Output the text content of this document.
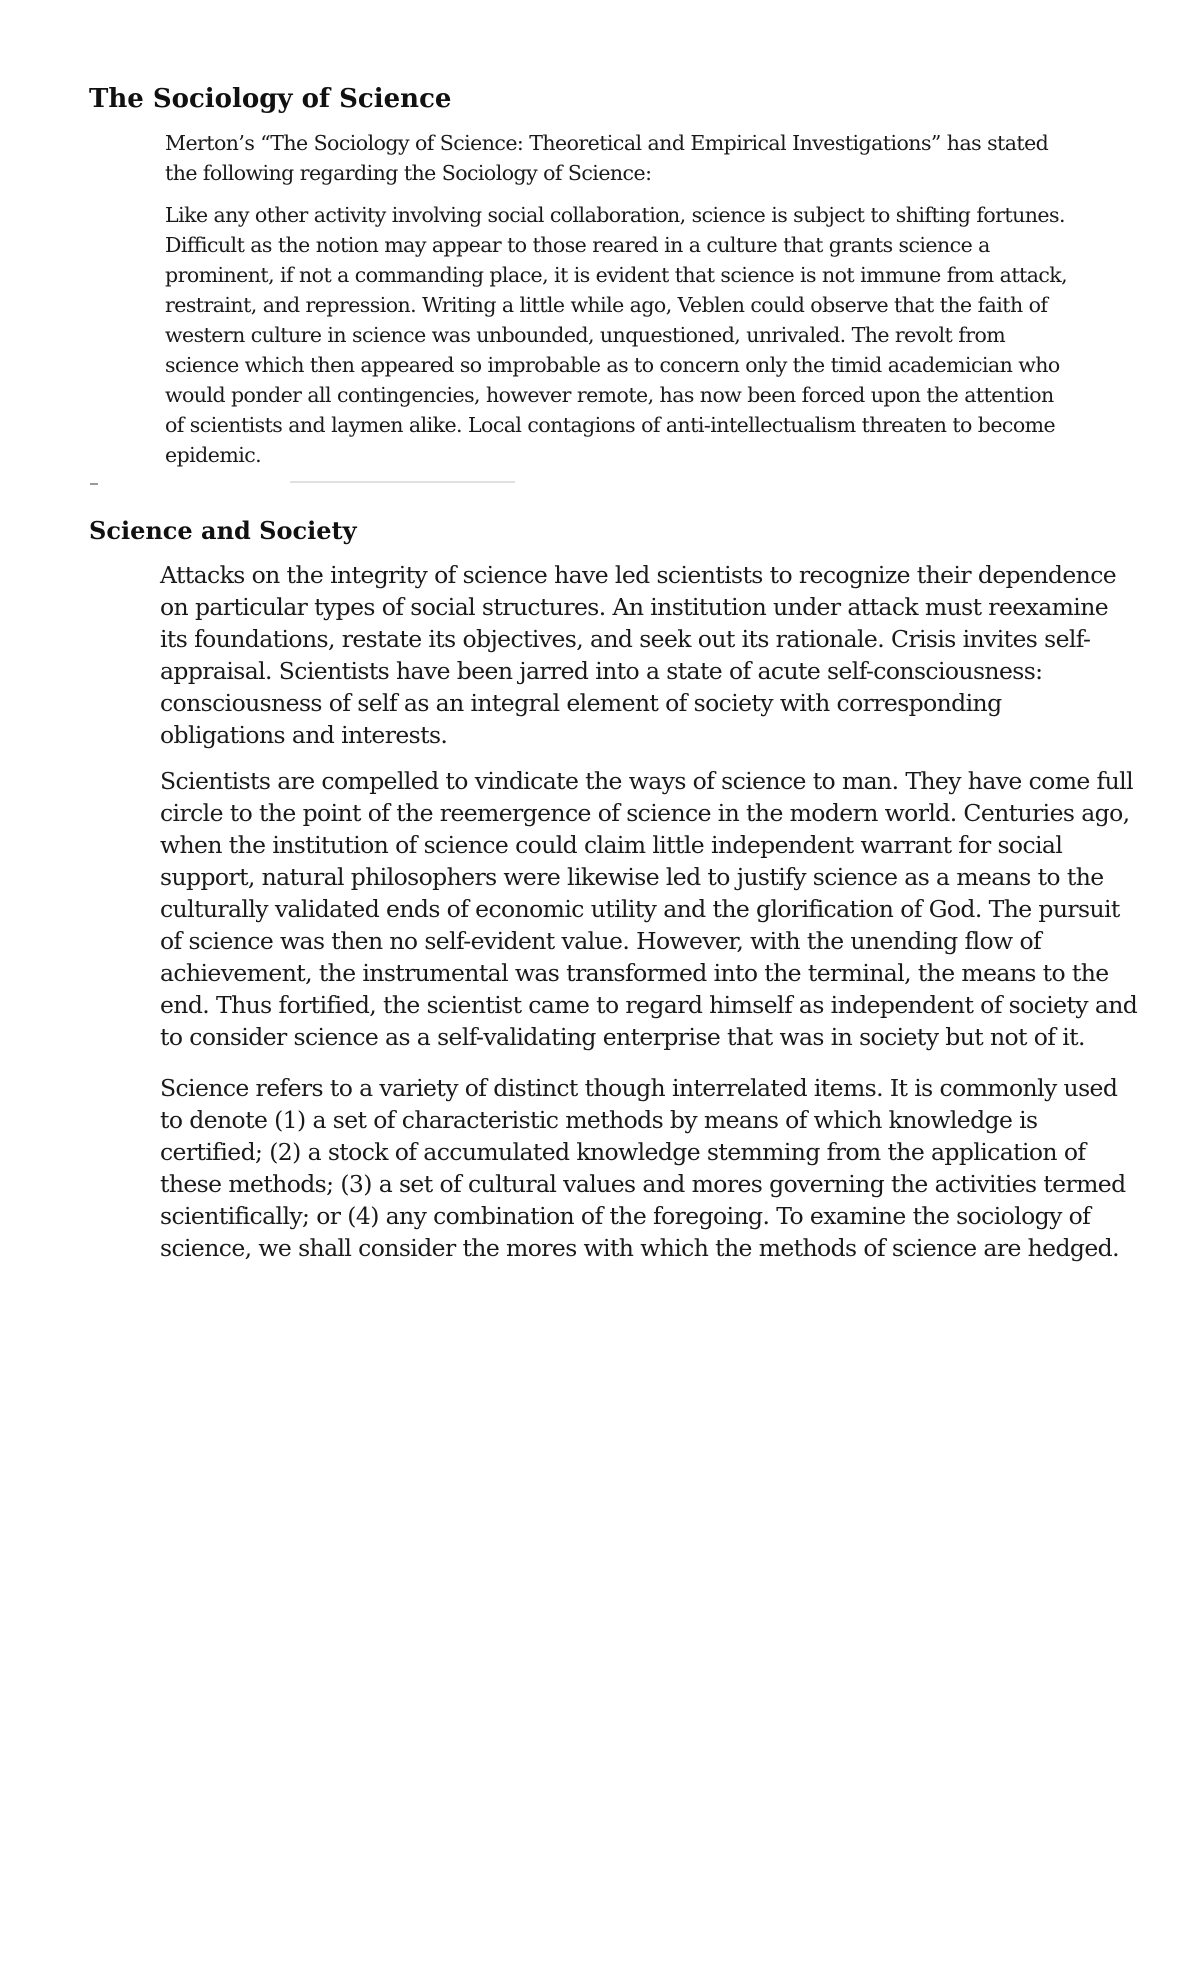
The Sociology of Science

Merton’s “The Sociology of Science: Theoretical and Empirical Investigations” has stated
the following regarding the Sociology of Science:

Like any other activity involving social collaboration, science is subject to shifting fortunes.
Difficult as the notion may appear to those reared in a culture that grants science a
prominent, if not a commanding place, it is evident that science is not immune from attack,
restraint, and repression. Writing a little while ago, Veblen could observe that the faith of
western culture in science was unbounded, unquestioned, unrivaled. The revolt from
science which then appeared so improbable as to concern only the timid academician who
would ponder all contingencies, however remote, has now been forced upon the attention
of scientists and laymen alike. Local contagions of anti-intellectualism threaten to become
epidemic.

Science and Society

Attacks on the integrity of science have led scientists to recognize their dependence
on particular types of social structures. An institution under attack must reexamine
its foundations, restate its objectives, and seek out its rationale. Crisis invites self-
appraisal. Scientists have been jarred into a state of acute self-consciousness:
consciousness of self as an integral element of society with corresponding
obligations and interests.

Scientists are compelled to vindicate the ways of science to man. They have come full
circle to the point of the reemergence of science in the modern world. Centuries ago,
when the institution of science could claim little independent warrant for social
support, natural philosophers were likewise led to justify science as a means to the
culturally validated ends of economic utility and the glorification of God. The pursuit
of science was then no self-evident value. However, with the unending flow of
achievement, the instrumental was transformed into the terminal, the means to the
end. Thus fortified, the scientist came to regard himself as independent of society and
to consider science as a self-validating enterprise that was in society but not of it.

Science refers to a variety of distinct though interrelated items. It is commonly used
to denote (1) a set of characteristic methods by means of which knowledge is
certified; (2) a stock of accumulated knowledge stemming from the application of
these methods; (3) a set of cultural values and mores governing the activities termed
scientifically; or (4) any combination of the foregoing. To examine the sociology of
science, we shall consider the mores with which the methods of science are hedged.
